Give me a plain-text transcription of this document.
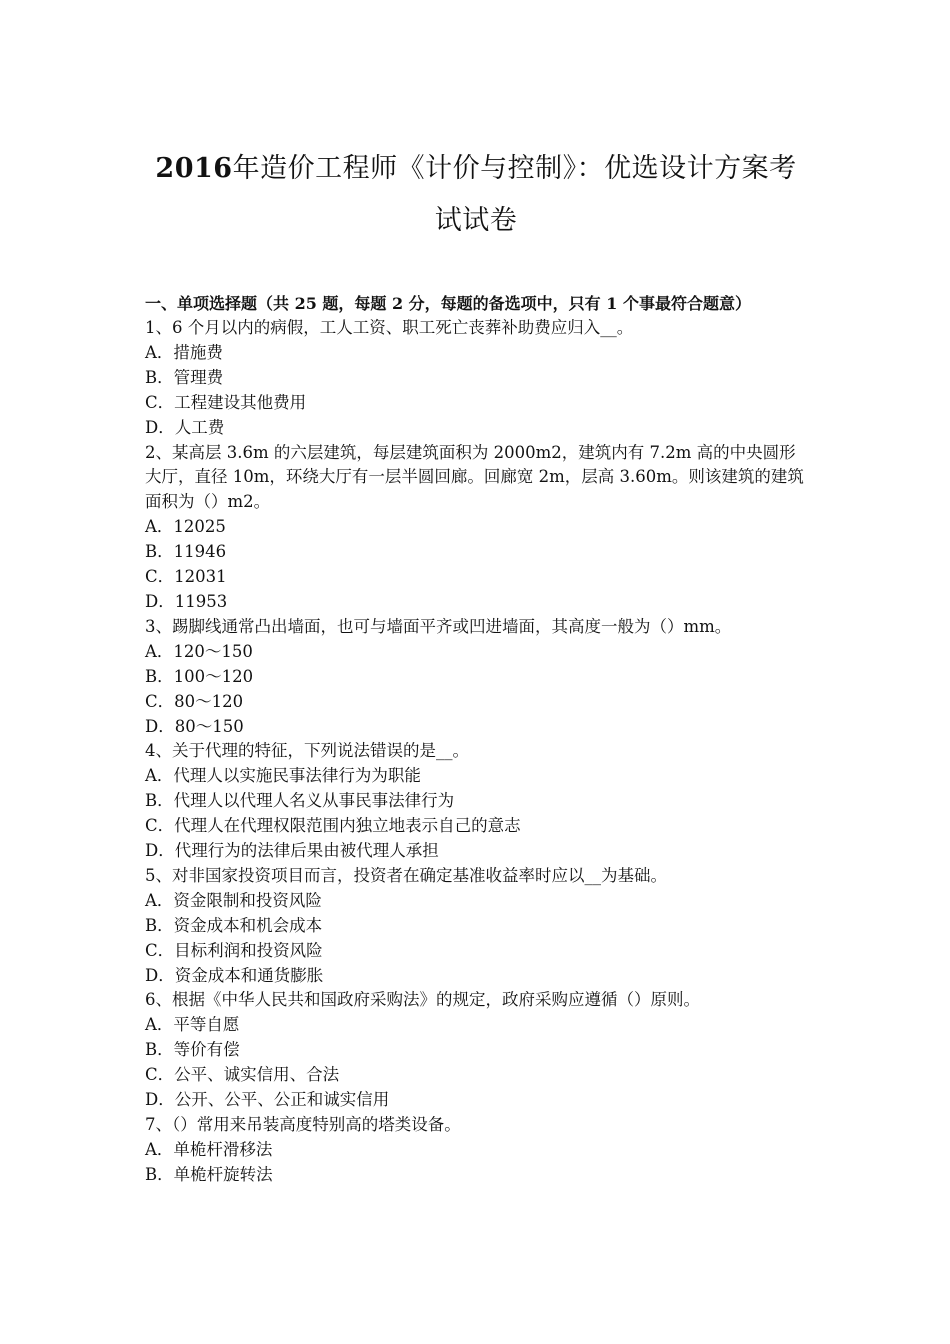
2016年造价工程师《计价与控制》：优选设计方案考试试卷
一、单项选择题（共 25 题，每题 2 分，每题的备选项中，只有 1 个事最符合题意）
1、6 个月以内的病假，工人工资、职工死亡丧葬补助费应归入__。
A．措施费
B．管理费
C．工程建设其他费用
D．人工费
2、某高层 3.6m 的六层建筑，每层建筑面积为 2000m2，建筑内有 7.2m 高的中央圆形大厅，直径 10m，环绕大厅有一层半圆回廊。回廊宽 2m，层高 3.60m。则该建筑的建筑面积为（）m2。
A．12025
B．11946
C．12031
D．11953
3、踢脚线通常凸出墙面，也可与墙面平齐或凹进墙面，其高度一般为（）mm。
A．120～150
B．100～120
C．80～120
D．80～150
4、关于代理的特征，下列说法错误的是__。
A．代理人以实施民事法律行为为职能
B．代理人以代理人名义从事民事法律行为
C．代理人在代理权限范围内独立地表示自己的意志
D．代理行为的法律后果由被代理人承担
5、对非国家投资项目而言，投资者在确定基准收益率时应以__为基础。
A．资金限制和投资风险
B．资金成本和机会成本
C．目标利润和投资风险
D．资金成本和通货膨胀
6、根据《中华人民共和国政府采购法》的规定，政府采购应遵循（）原则。
A．平等自愿
B．等价有偿
C．公平、诚实信用、合法
D．公开、公平、公正和诚实信用
7、（）常用来吊装高度特别高的塔类设备。
A．单桅杆滑移法
B．单桅杆旋转法
